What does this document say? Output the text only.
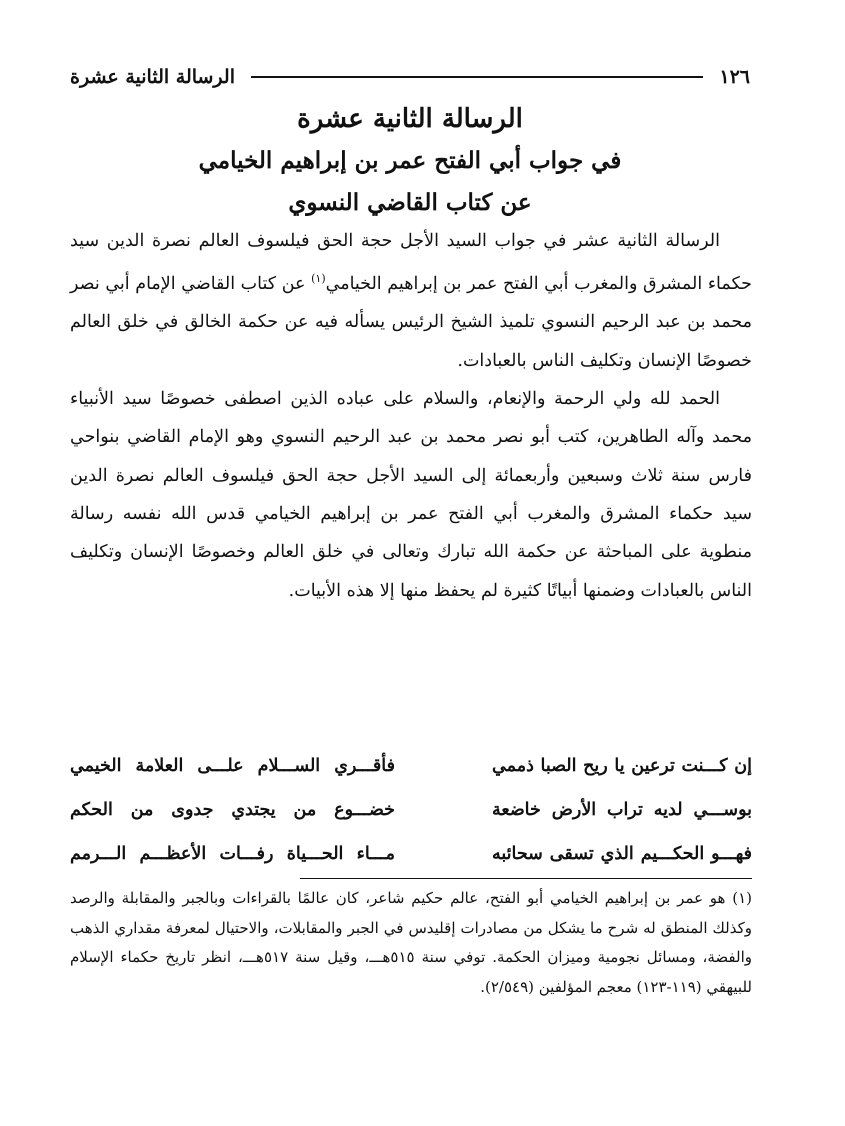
١٢٦
الرسالة الثانية عشرة
الرسالة الثانية عشرة
في جواب أبي الفتح عمر بن إبراهيم الخيامي
عن كتاب القاضي النسوي

الرسالة الثانية عشر في جواب السيد الأجل حجة الحق فيلسوف العالم نصرة الدين سيد حكماء المشرق والمغرب أبي الفتح عمر بن إبراهيم الخيامي$^{(١)}$ عن كتاب القاضي الإمام أبي نصر محمد بن عبد الرحيم النسوي تلميذ الشيخ الرئيس يسأله فيه عن حكمة الخالق في خلق العالم خصوصًا الإنسان وتكليف الناس بالعبادات.

الحمد لله ولي الرحمة والإنعام، والسلام على عباده الذين اصطفى خصوصًا سيد الأنبياء محمد وآله الطاهرين، كتب أبو نصر محمد بن عبد الرحيم النسوي وهو الإمام القاضي بنواحي فارس سنة ثلاث وسبعين وأربعمائة إلى السيد الأجل حجة الحق فيلسوف العالم نصرة الدين سيد حكماء المشرق والمغرب أبي الفتح عمر بن إبراهيم الخيامي قدس الله نفسه رسالة منطوية على المباحثة عن حكمة الله تبارك وتعالى في خلق العالم وخصوصًا الإنسان وتكليف الناس بالعبادات وضمنها أبياتًا كثيرة لم يحفظ منها إلا هذه الأبيات.

إن كـــنت ترعين يا ريح الصبا ذممي
فأقـــري الســـلام علـــى العلامة الخيمي
بوســـي لديه تراب الأرض خاضعة
خضـــوع من يجتدي جدوى من الحكم
فهـــو الحكـــيم الذي تسقى سحائبه
مـــاء الحـــياة رفـــات الأعظـــم الـــرمم

(١) هو عمر بن إبراهيم الخيامي أبو الفتح، عالم حكيم شاعر، كان عالمًا بالقراءات وبالجبر والمقابلة والرصد وكذلك المنطق له شرح ما يشكل من مصادرات إقليدس في الجبر والمقابلات، والاحتيال لمعرفة مقداري الذهب والفضة، ومسائل نجومية وميزان الحكمة. توفي سنة ٥١٥هـــ، وقيل سنة ٥١٧هـــ، انظر تاريخ حكماء الإسلام للبيهقي (١١٩-١٢٣) معجم المؤلفين (٢/٥٤٩).
